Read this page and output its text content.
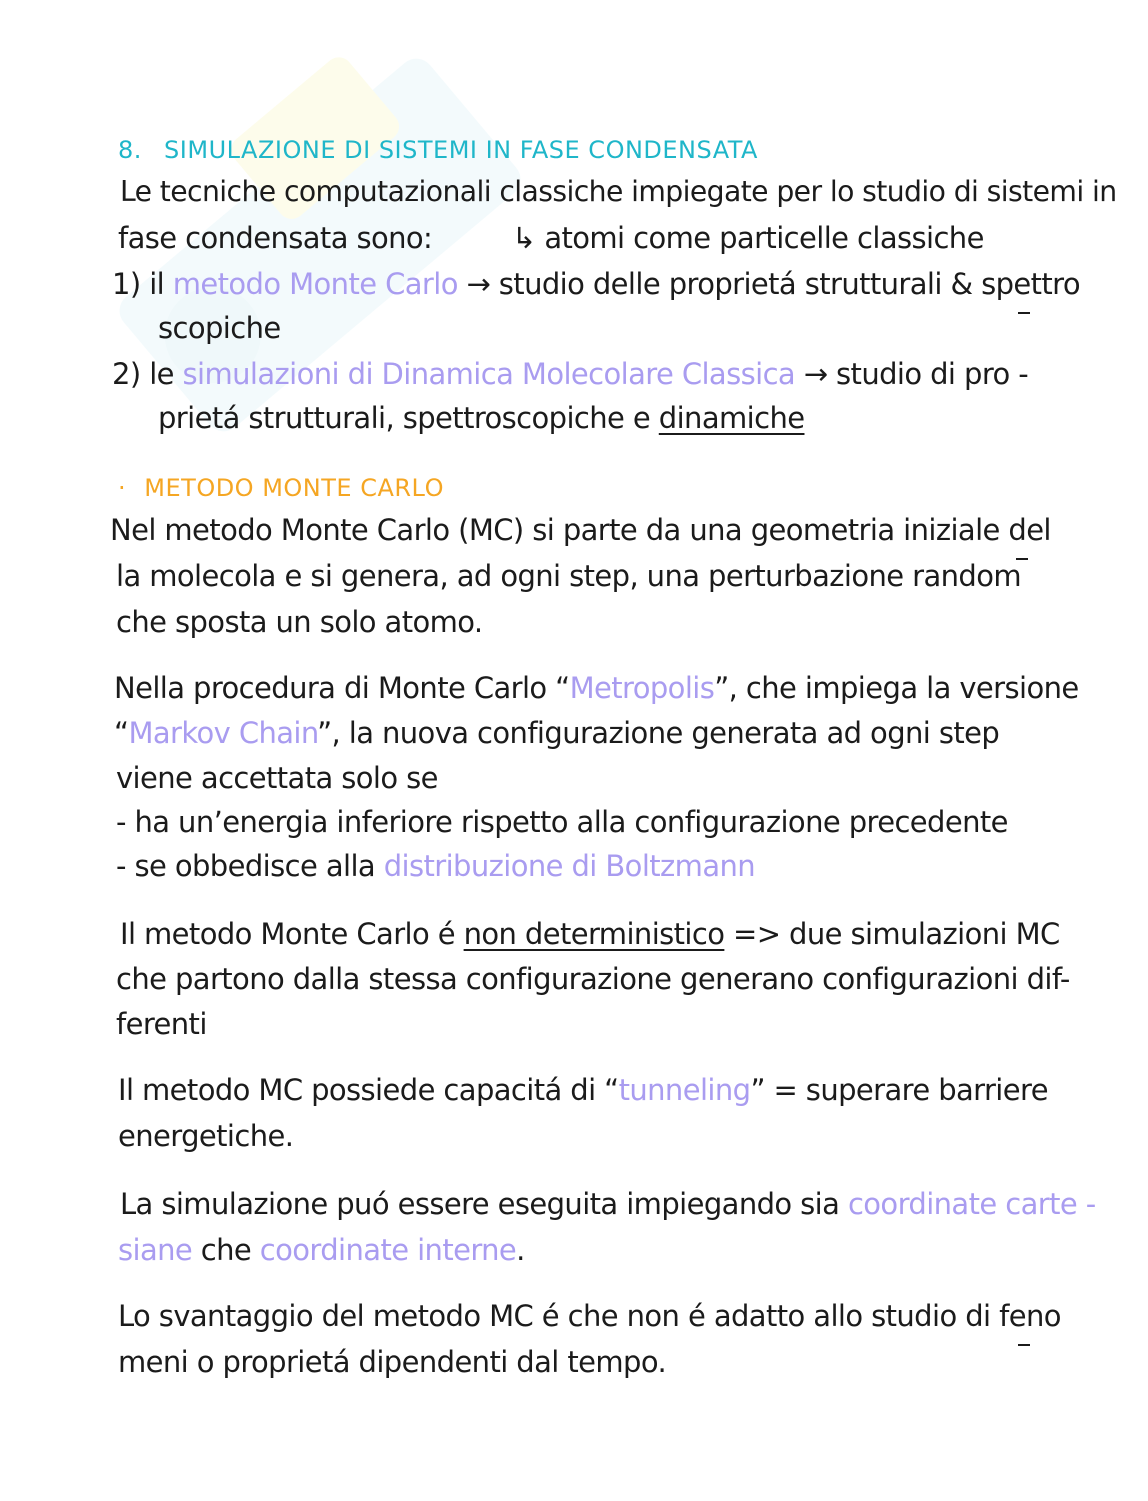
8. SIMULAZIONE DI SISTEMI IN FASE CONDENSATA
Le tecniche computazionali classiche impiegate per lo studio di sistemi in
fase condensata sono:	↳ atomi come particelle classiche
1) il metodo Monte Carlo → studio delle proprietá strutturali & spettro
scopiche
2) le simulazioni di Dinamica Molecolare Classica → studio di pro -
prietá strutturali, spettroscopiche e dinamiche
· METODO MONTE CARLO
Nel metodo Monte Carlo (MC) si parte da una geometria iniziale del
la molecola e si genera, ad ogni step, una perturbazione random
che sposta un solo atomo.
Nella procedura di Monte Carlo “Metropolis”, che impiega la versione
“Markov Chain”, la nuova configurazione generata ad ogni step
viene accettata solo se
- ha un’energia inferiore rispetto alla configurazione precedente
- se obbedisce alla distribuzione di Boltzmann
Il metodo Monte Carlo é non deterministico => due simulazioni MC
che partono dalla stessa configurazione generano configurazioni dif-
ferenti
Il metodo MC possiede capacitá di “tunneling” = superare barriere
energetiche.
La simulazione puó essere eseguita impiegando sia coordinate carte -
siane che coordinate interne.
Lo svantaggio del metodo MC é che non é adatto allo studio di feno
meni o proprietá dipendenti dal tempo.
